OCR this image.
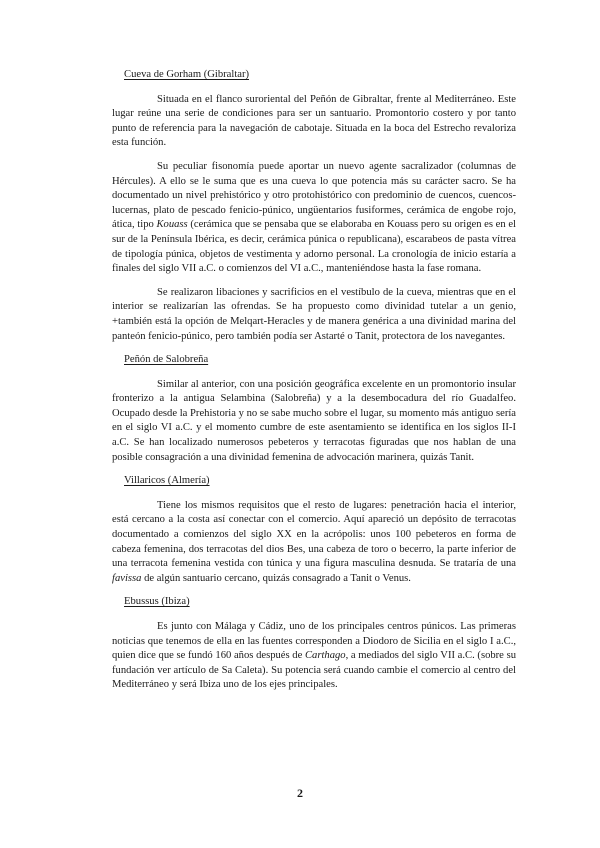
Cueva de Gorham (Gibraltar)

Situada en el flanco suroriental del Peñón de Gibraltar, frente al Mediterráneo. Este lugar reúne una serie de condiciones para ser un santuario. Promontorio costero y por tanto punto de referencia para la navegación de cabotaje. Situada en la boca del Estrecho revaloriza esta función.

Su peculiar fisonomía puede aportar un nuevo agente sacralizador (columnas de Hércules). A ello se le suma que es una cueva lo que potencia más su carácter sacro. Se ha documentado un nivel prehistórico y otro protohistórico con predominio de cuencos, cuencos-lucernas, plato de pescado fenicio-púnico, ungüentarios fusiformes, cerámica de engobe rojo, ática, tipo Kouass (cerámica que se pensaba que se elaboraba en Kouass pero su origen es en el sur de la Península Ibérica, es decir, cerámica púnica o republicana), escarabeos de pasta vítrea de tipología púnica, objetos de vestimenta y adorno personal. La cronología de inicio estaría a finales del siglo VII a.C. o comienzos del VI a.C., manteniéndose hasta la fase romana.

Se realizaron libaciones y sacrificios en el vestíbulo de la cueva, mientras que en el interior se realizarían las ofrendas. Se ha propuesto como divinidad tutelar a un genio, +también está la opción de Melqart-Heracles y de manera genérica a una divinidad marina del panteón fenicio-púnico, pero también podía ser Astarté o Tanit, protectora de los navegantes.

Peñón de Salobreña

Similar al anterior, con una posición geográfica excelente en un promontorio insular fronterizo a la antigua Selambina (Salobreña) y a la desembocadura del río Guadalfeo. Ocupado desde la Prehistoria y no se sabe mucho sobre el lugar, su momento más antiguo sería en el siglo VI a.C. y el momento cumbre de este asentamiento se identifica en los siglos II-I a.C. Se han localizado numerosos pebeteros y terracotas figuradas que nos hablan de una posible consagración a una divinidad femenina de advocación marinera, quizás Tanit.

Villaricos (Almería)

Tiene los mismos requisitos que el resto de lugares: penetración hacia el interior, está cercano a la costa así conectar con el comercio. Aquí apareció un depósito de terracotas documentado a comienzos del siglo XX en la acrópolis: unos 100 pebeteros en forma de cabeza femenina, dos terracotas del dios Bes, una cabeza de toro o becerro, la parte inferior de una terracota femenina vestida con túnica y una figura masculina desnuda. Se trataría de una favissa de algún santuario cercano, quizás consagrado a Tanit o Venus.

Ebussus (Ibiza)

Es junto con Málaga y Cádiz, uno de los principales centros púnicos. Las primeras noticias que tenemos de ella en las fuentes corresponden a Diodoro de Sicilia en el siglo I a.C., quien dice que se fundó 160 años después de Carthago, a mediados del siglo VII a.C. (sobre su fundación ver artículo de Sa Caleta). Su potencia será cuando cambie el comercio al centro del Mediterráneo y será Ibiza uno de los ejes principales.

2
